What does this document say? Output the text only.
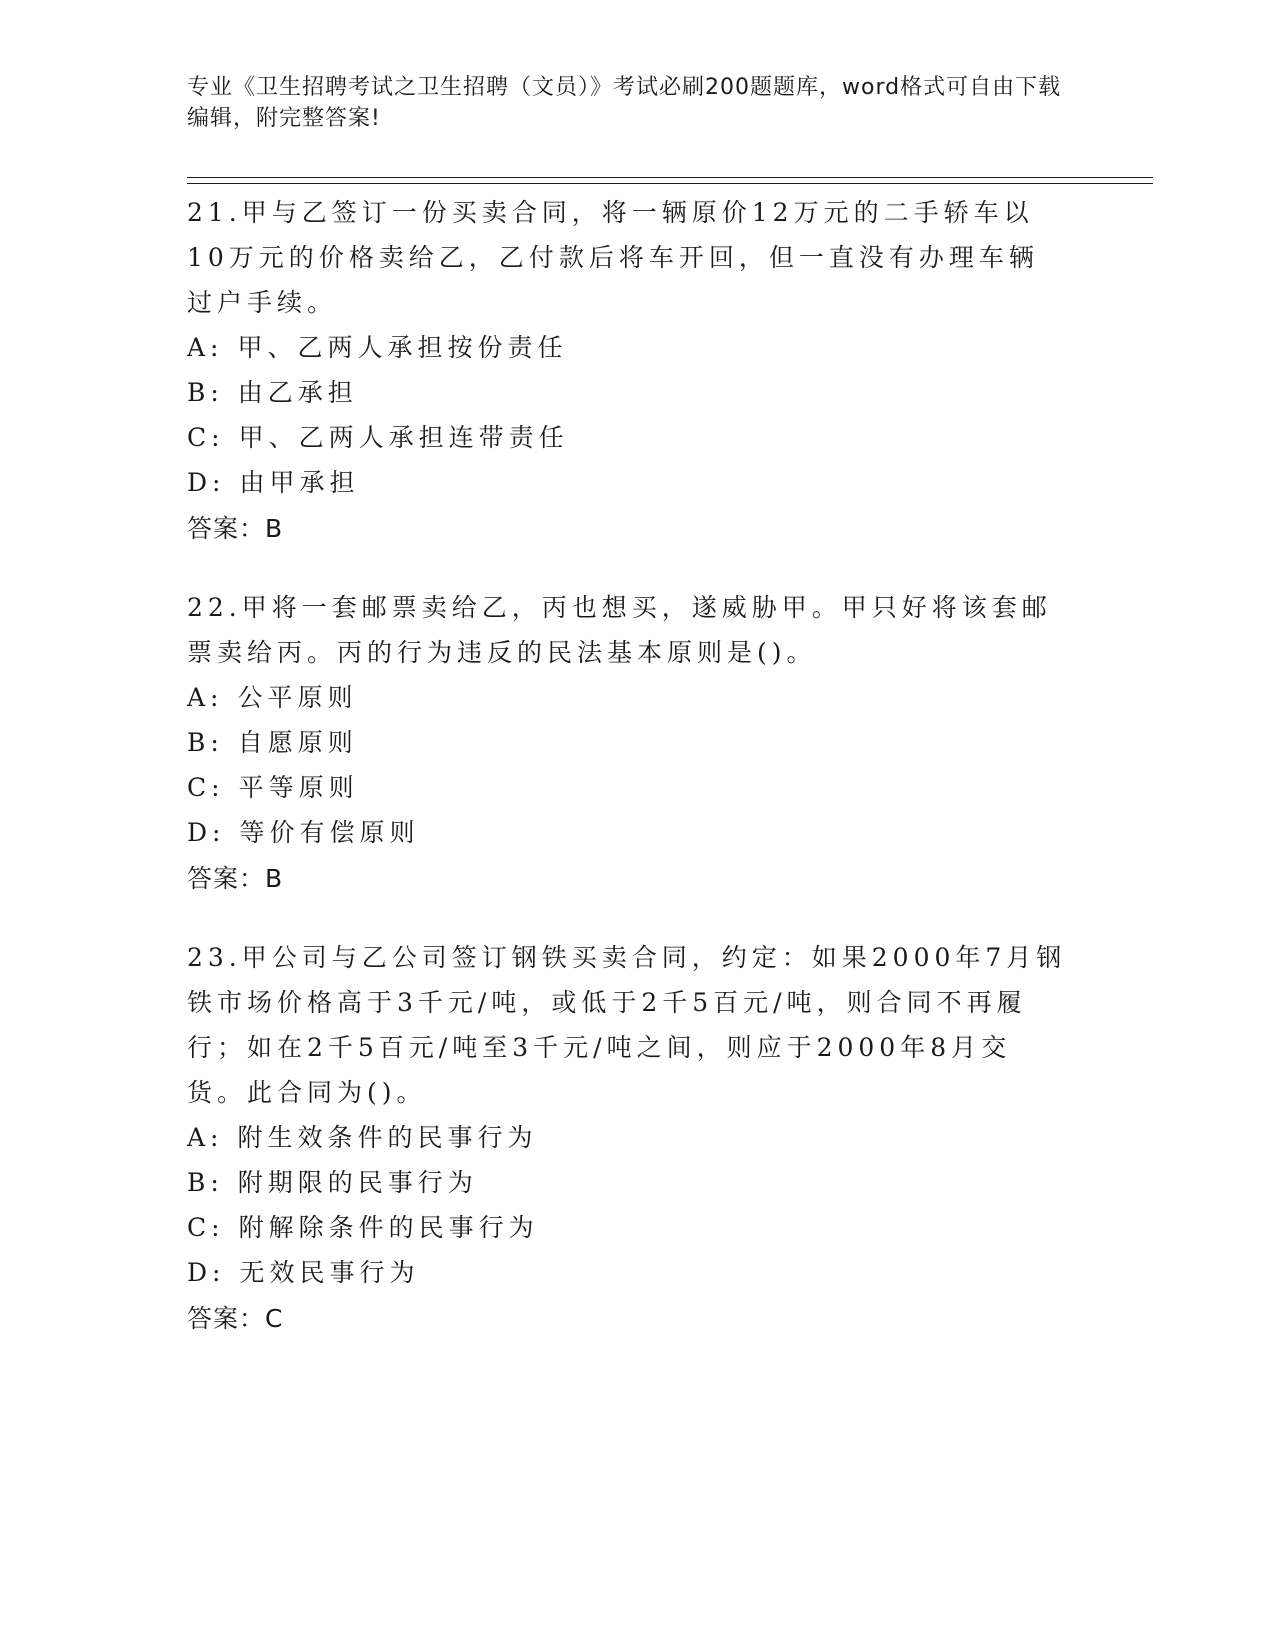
专业《卫生招聘考试之卫生招聘（文员）》考试必刷200题题库，word格式可自由下载编辑，附完整答案!
21.甲与乙签订一份买卖合同，将一辆原价12万元的二手轿车以10万元的价格卖给乙，乙付款后将车开回，但一直没有办理车辆过户手续。
A: 甲、乙两人承担按份责任
B: 由乙承担
C: 甲、乙两人承担连带责任
D: 由甲承担
答案：B
22.甲将一套邮票卖给乙，丙也想买，遂威胁甲。甲只好将该套邮票卖给丙。丙的行为违反的民法基本原则是()。
A: 公平原则
B: 自愿原则
C: 平等原则
D: 等价有偿原则
答案：B
23.甲公司与乙公司签订钢铁买卖合同，约定：如果2000年7月钢铁市场价格高于3千元/吨，或低于2千5百元/吨，则合同不再履行；如在2千5百元/吨至3千元/吨之间，则应于2000年8月交货。此合同为()。
A: 附生效条件的民事行为
B: 附期限的民事行为
C: 附解除条件的民事行为
D: 无效民事行为
答案：C
